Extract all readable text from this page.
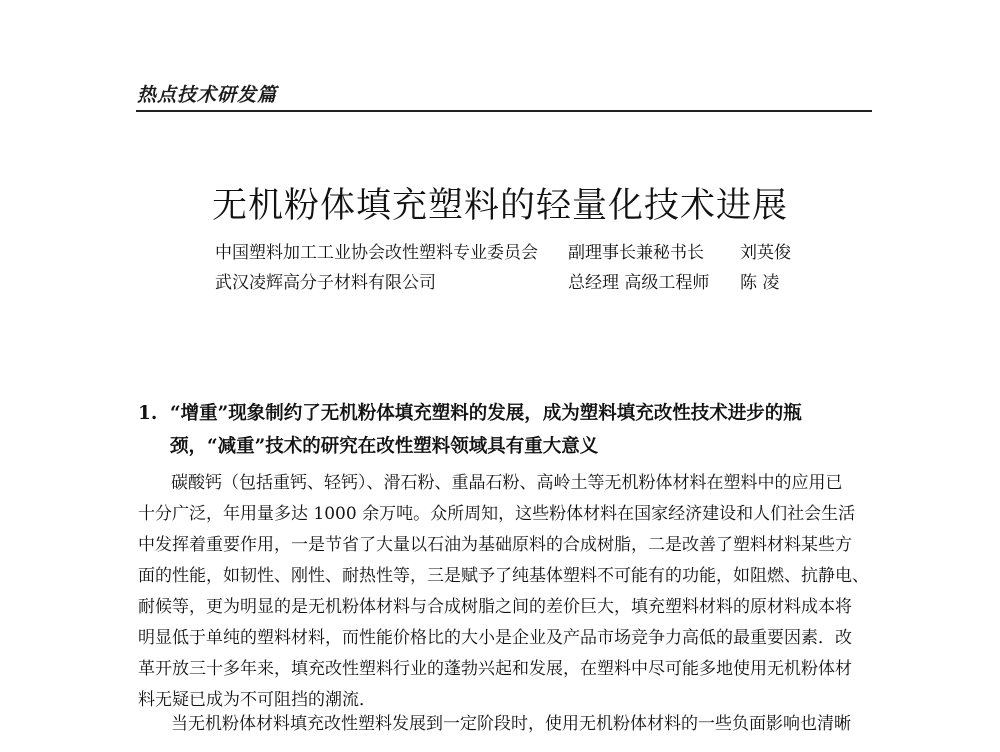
热点技术研发篇
无机粉体填充塑料的轻量化技术进展
中国塑料加工工业协会改性塑料专业委员会 副理事长兼秘书长 刘英俊
武汉凌辉高分子材料有限公司	总经理 高级工程师 陈 凌
1. “增重”现象制约了无机粉体填充塑料的发展，成为塑料填充改性技术进步的瓶
颈，“减重”技术的研究在改性塑料领域具有重大意义
碳酸钙（包括重钙、轻钙）、滑石粉、重晶石粉、高岭土等无机粉体材料在塑料中的应用已
十分广泛，年用量多达 1000 余万吨。众所周知，这些粉体材料在国家经济建设和人们社会生活
中发挥着重要作用，一是节省了大量以石油为基础原料的合成树脂，二是改善了塑料材料某些方
面的性能，如韧性、刚性、耐热性等，三是赋予了纯基体塑料不可能有的功能，如阻燃、抗静电、
耐候等，更为明显的是无机粉体材料与合成树脂之间的差价巨大，填充塑料材料的原材料成本将
明显低于单纯的塑料材料，而性能价格比的大小是企业及产品市场竞争力高低的最重要因素．改
革开放三十多年来，填充改性塑料行业的蓬勃兴起和发展，在塑料中尽可能多地使用无机粉体材
料无疑已成为不可阻挡的潮流．
当无机粉体材料填充改性塑料发展到一定阶段时，使用无机粉体材料的一些负面影响也清晰
